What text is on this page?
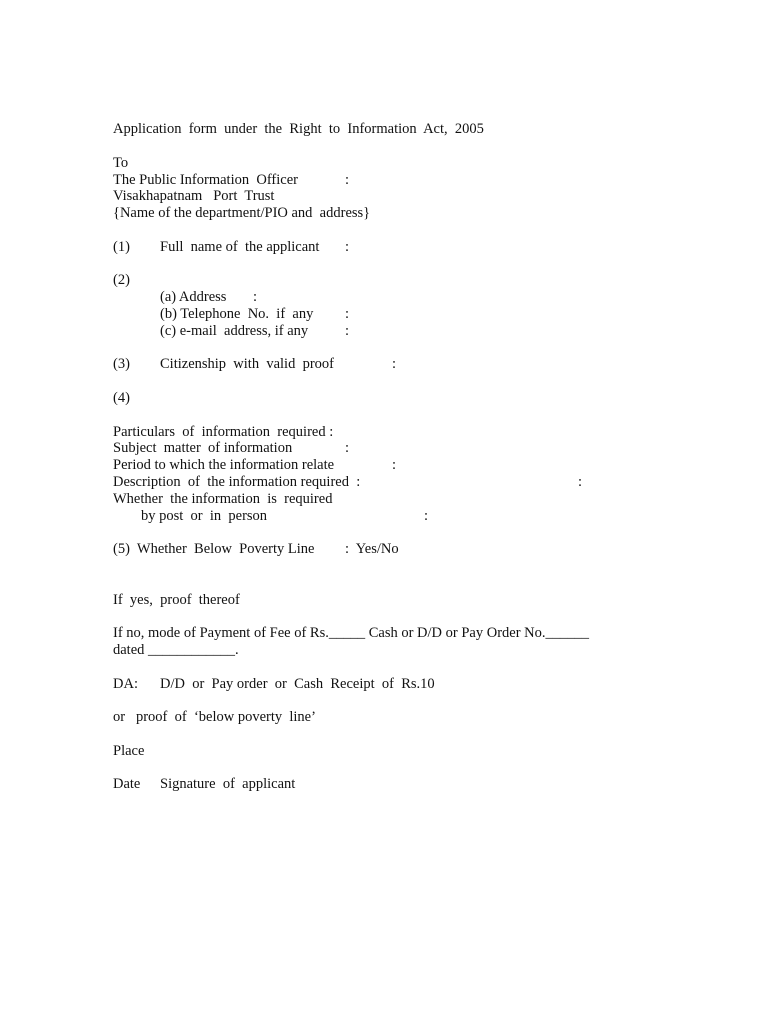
Application  form  under  the  Right  to  Information  Act,  2005
To
The Public Information  Officer	:
Visakhapatnam   Port  Trust
{Name of the department/PIO and  address}
(1) Full  name of  the applicant :
(2)
(a) Address :
(b) Telephone  No.  if  any :
(c) e-mail  address, if any	:
(3) Citizenship  with  valid  proof	:
(4)
Particulars  of  information  required :
Subject  matter  of information	:
Period to which the information relate	:
Description  of  the information required  :	:
Whether  the information  is  required
by post  or  in  person	:
(5)  Whether  Below  Poverty Line :  Yes/No
If  yes,  proof  thereof
If no, mode of Payment of Fee of Rs._____ Cash or D/D or Pay Order No.______
dated ____________.
DA: D/D  or  Pay order  or  Cash  Receipt  of  Rs.10
or   proof  of  ‘below poverty  line’
Place
Date Signature  of  applicant
